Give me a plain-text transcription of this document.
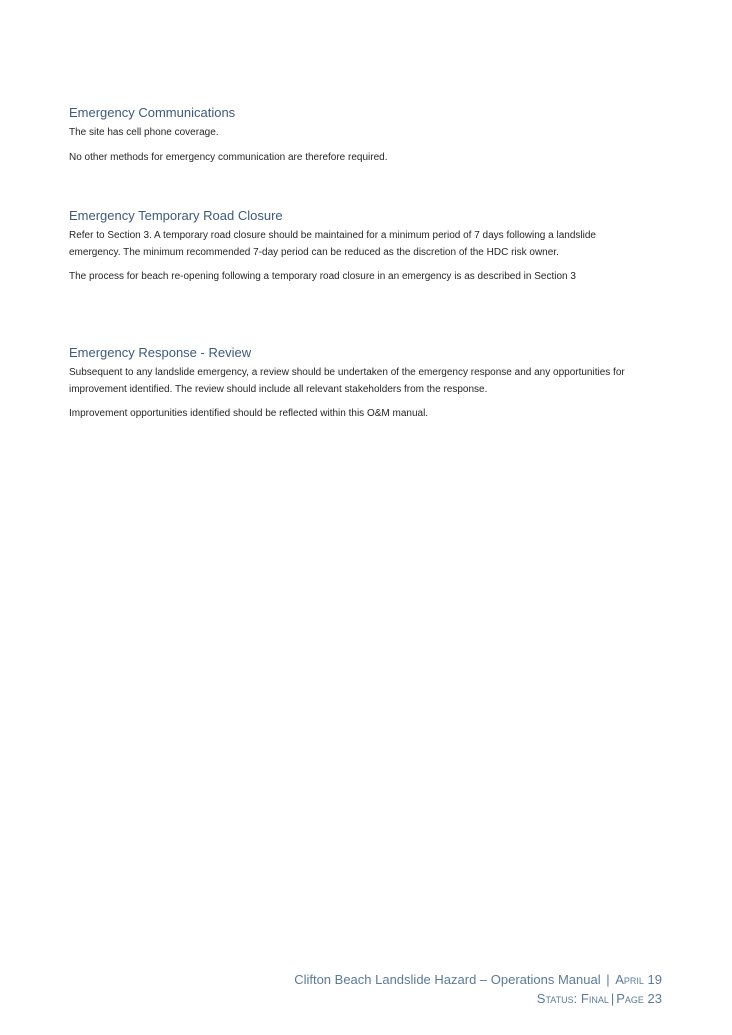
Emergency Communications

The site has cell phone coverage.

No other methods for emergency communication are therefore required.

Emergency Temporary Road Closure

Refer to Section 3. A temporary road closure should be maintained for a minimum period of 7 days following a landslide emergency. The minimum recommended 7-day period can be reduced as the discretion of the HDC risk owner.

The process for beach re-opening following a temporary road closure in an emergency is as described in Section 3

Emergency Response - Review

Subsequent to any landslide emergency, a review should be undertaken of the emergency response and any opportunities for improvement identified. The review should include all relevant stakeholders from the response.

Improvement opportunities identified should be reflected within this O&M manual.

Clifton Beach Landslide Hazard – Operations Manual | April 19
Status: Final | Page 23
